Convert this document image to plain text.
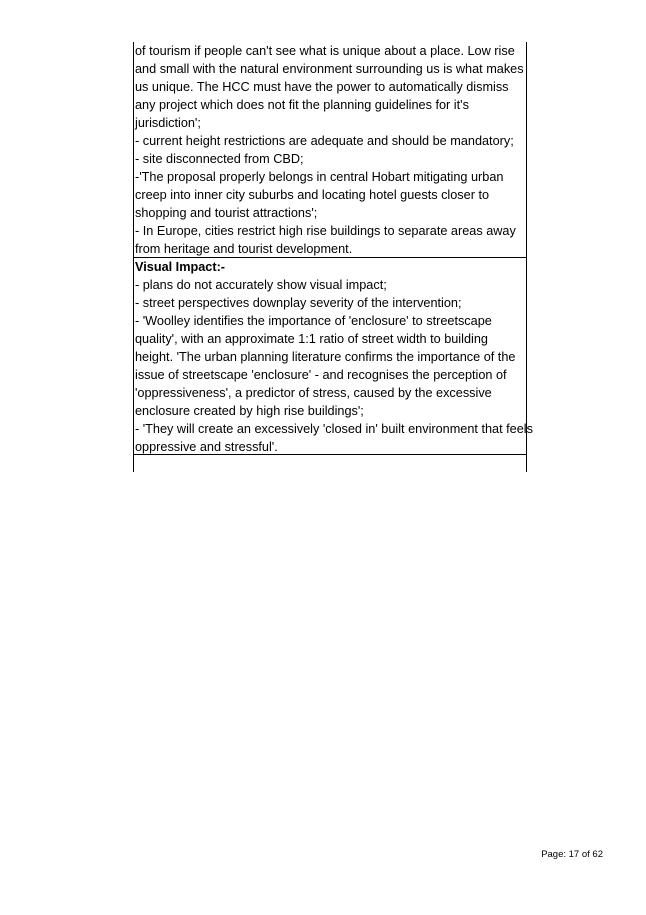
of tourism if people can't see what is unique about a place. Low rise
and small with the natural environment surrounding us is what makes
us unique. The HCC must have the power to automatically dismiss
any project which does not fit the planning guidelines for it's
jurisdiction';
- current height restrictions are adequate and should be mandatory;
- site disconnected from CBD;
-'The proposal properly belongs in central Hobart mitigating urban
creep into inner city suburbs and locating hotel guests closer to
shopping and tourist attractions';
- In Europe, cities restrict high rise buildings to separate areas away
from heritage and tourist development.
Visual Impact:-
- plans do not accurately show visual impact;
- street perspectives downplay severity of the intervention;
- 'Woolley identifies the importance of 'enclosure' to streetscape
quality', with an approximate 1:1 ratio of street width to building
height. 'The urban planning literature confirms the importance of the
issue of streetscape 'enclosure' - and recognises the perception of
'oppressiveness', a predictor of stress, caused by the excessive
enclosure created by high rise buildings';
- 'They will create an excessively 'closed in' built environment that feels
oppressive and stressful'.
Page: 17 of 62
